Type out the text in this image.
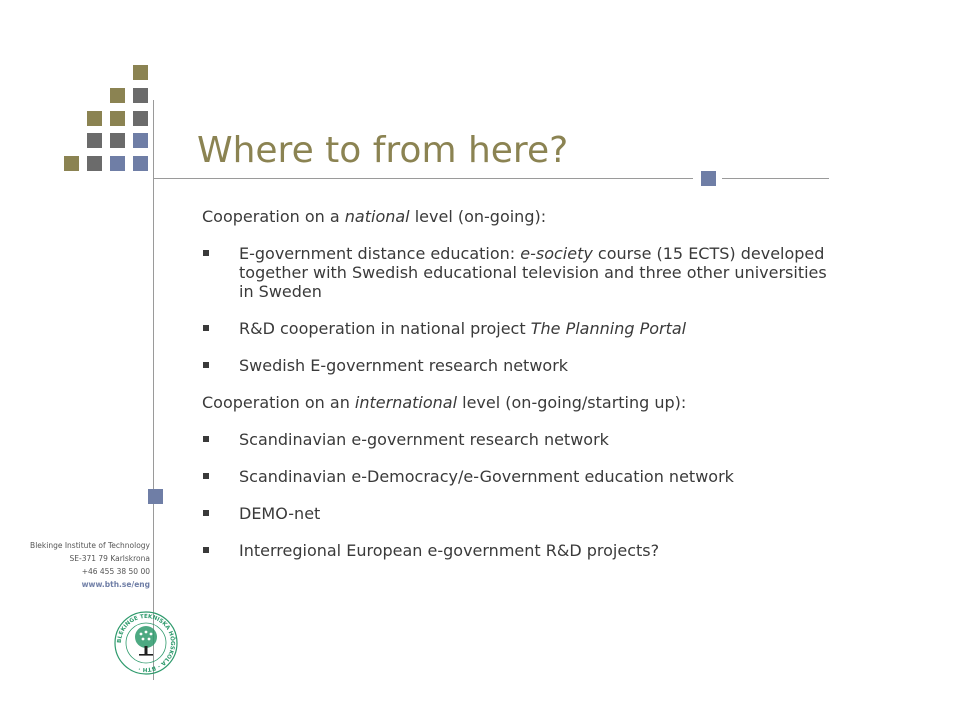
Where to from here?

Cooperation on a national level (on-going):

E-government distance education: e-society course (15 ECTS) developed together with Swedish educational television and three other universities in Sweden
R&D cooperation in national project The Planning Portal
Swedish E-government research network

Cooperation on an international level (on-going/starting up):

Scandinavian e-government research network
Scandinavian e-Democracy/e-Government education network
DEMO-net
Interregional European e-government R&D projects?
Blekinge Institute of Technology
SE-371 79 Karlskrona
+46 455 38 50 00
www.bth.se/eng
BLEKINGE TEKNISKA HÖGSKOLA · BTH ·
